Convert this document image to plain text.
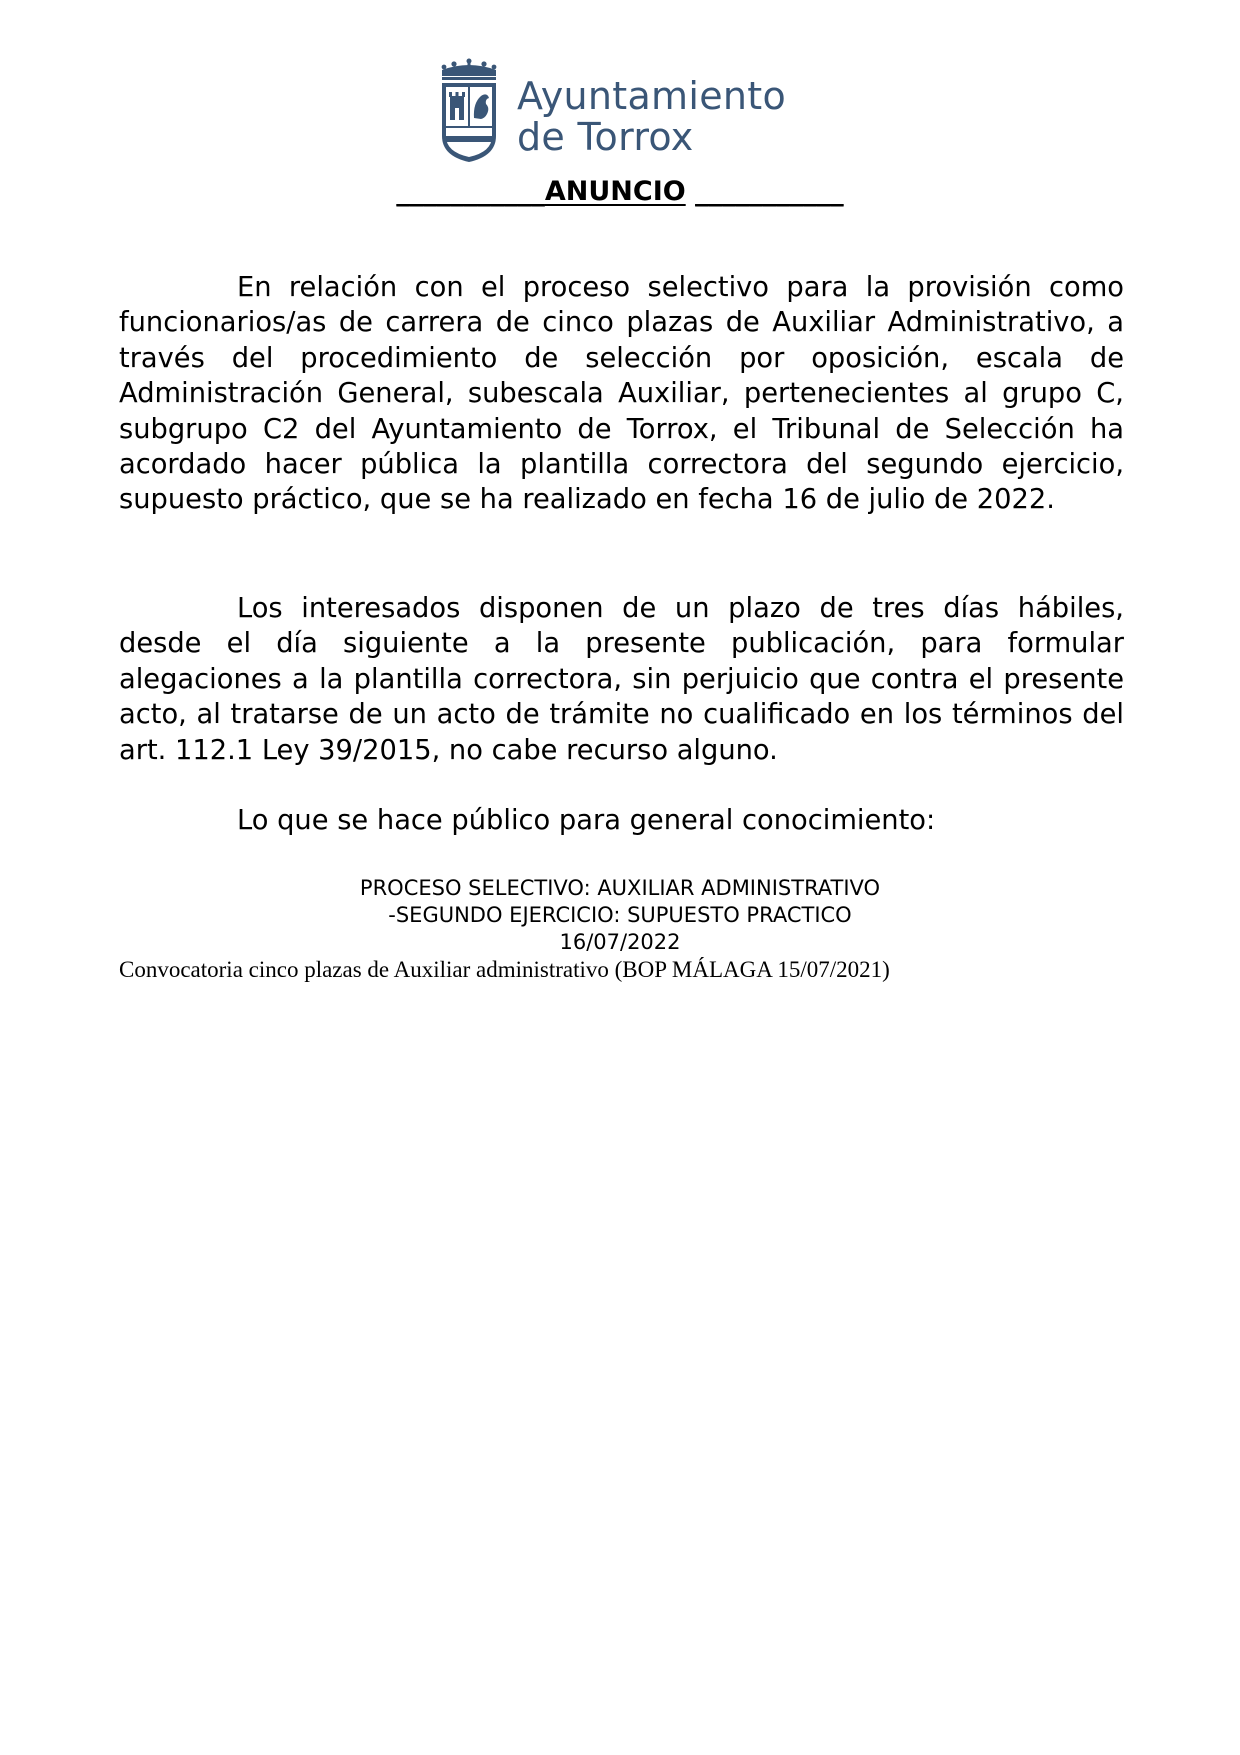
Ayuntamiento
de Torrox
___________ANUNCIO ___________

En relación con el proceso selectivo para la provisión como funcionarios/as de carrera de cinco plazas de Auxiliar Administrativo, a través del procedimiento de selección por oposición, escala de Administración General, subescala Auxiliar, pertenecientes al grupo C, subgrupo C2 del Ayuntamiento de Torrox, el Tribunal de Selección ha acordado hacer pública la plantilla correctora del segundo ejercicio, supuesto práctico, que se ha realizado en fecha 16 de julio de 2022.

Los interesados disponen de un plazo de tres días hábiles, desde el día siguiente a la presente publicación, para formular alegaciones a la plantilla correctora, sin perjuicio que contra el presente acto, al tratarse de un acto de trámite no cualificado en los términos del art. 112.1 Ley 39/2015, no cabe recurso alguno.

Lo que se hace público para general conocimiento:
PROCESO SELECTIVO: AUXILIAR ADMINISTRATIVO
-SEGUNDO EJERCICIO: SUPUESTO PRACTICO
16/07/2022
Convocatoria cinco plazas de Auxiliar administrativo (BOP MÁLAGA 15/07/2021)
